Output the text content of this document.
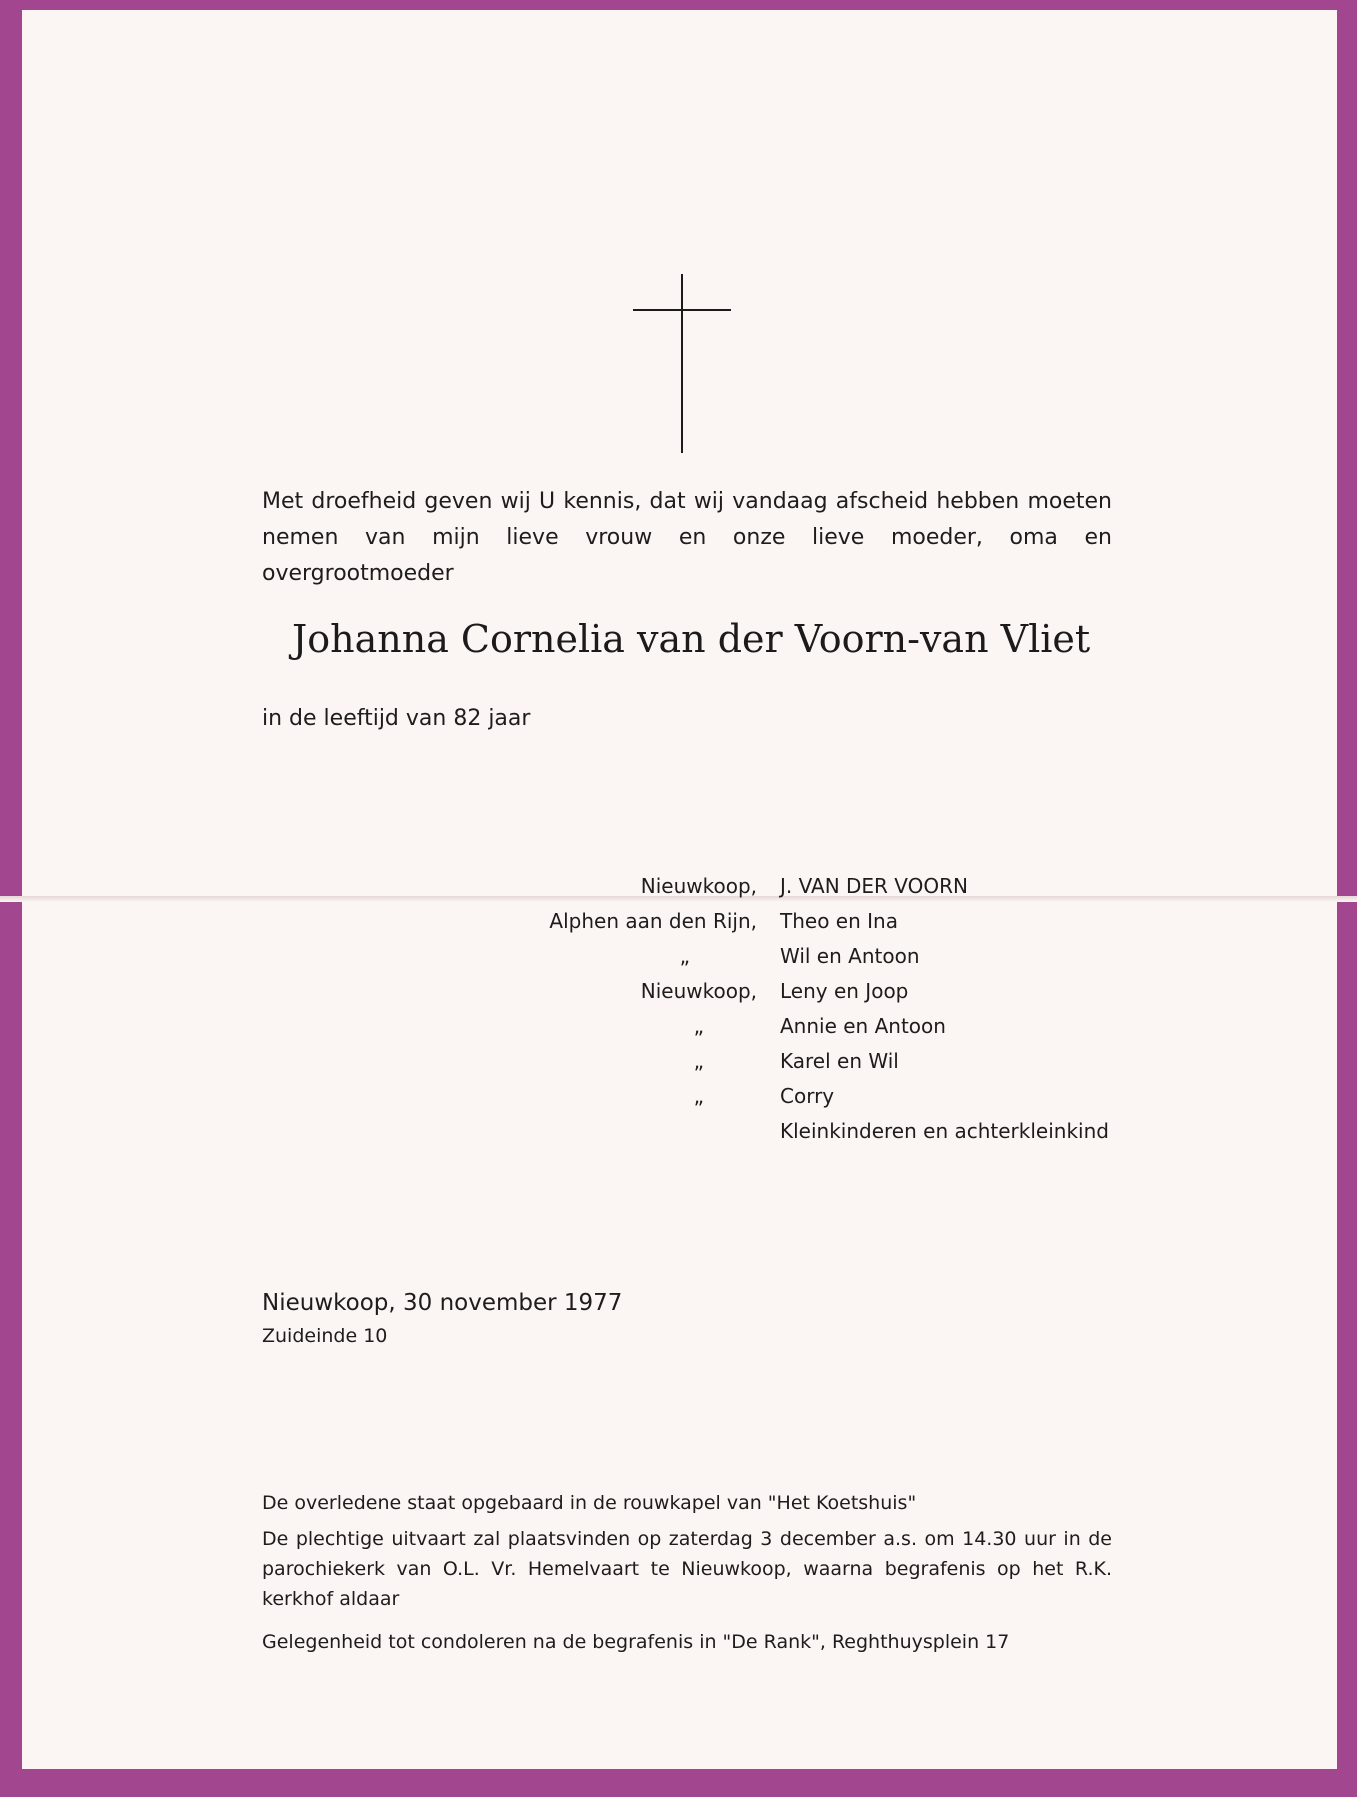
Met droefheid geven wij U kennis, dat wij vandaag afscheid hebben moeten nemen van mijn lieve vrouw en onze lieve moeder, oma en overgrootmoeder
Johanna Cornelia van der Voorn-van Vliet
in de leeftijd van 82 jaar
Nieuwkoop, J. VAN DER VOORN
Alphen aan den Rijn, Theo en Ina
„	Wil en Antoon
Nieuwkoop, Leny en Joop
„	Annie en Antoon
„	Karel en Wil
„	Corry
Kleinkinderen en achterkleinkind
Nieuwkoop, 30 november 1977
Zuideinde 10
De overledene staat opgebaard in de rouwkapel van "Het Koetshuis"
De plechtige uitvaart zal plaatsvinden op zaterdag 3 december a.s. om 14.30 uur in de parochiekerk van O.L. Vr. Hemelvaart te Nieuwkoop, waarna begrafenis op het R.K. kerkhof aldaar
Gelegenheid tot condoleren na de begrafenis in "De Rank", Reghthuysplein 17
